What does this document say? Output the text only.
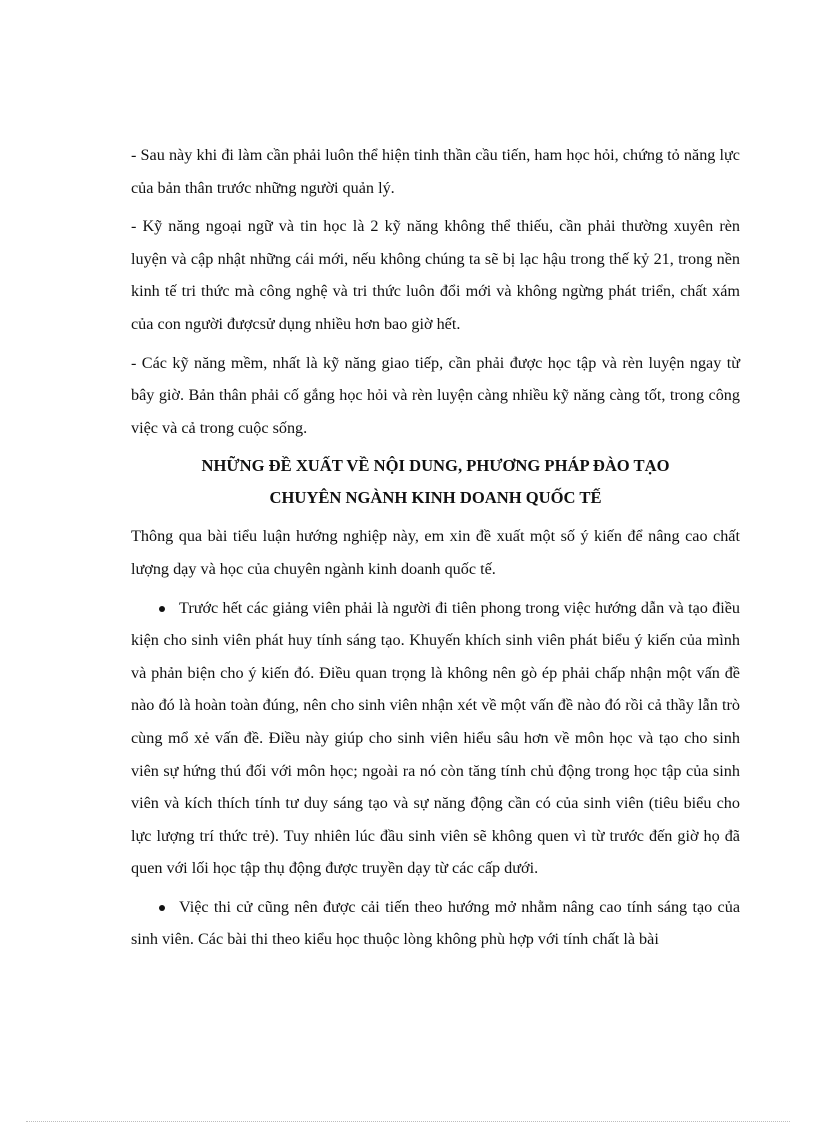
- Sau này khi đi làm cần phải luôn thể hiện tinh thần cầu tiến, ham học hỏi, chứng tỏ năng lực của bản thân trước những người quản lý.

- Kỹ năng ngoại ngữ và tin học là 2 kỹ năng không thể thiếu, cần phải thường xuyên rèn luyện và cập nhật những cái mới, nếu không chúng ta sẽ bị lạc hậu trong thế kỷ 21, trong nền kinh tế tri thức mà công nghệ và tri thức luôn đổi mới và không ngừng phát triển, chất xám của con người đượcsử dụng nhiều hơn bao giờ hết.

- Các kỹ năng mềm, nhất là kỹ năng giao tiếp, cần phải được học tập và rèn luyện ngay từ bây giờ. Bản thân phải cố gắng học hỏi và rèn luyện càng nhiều kỹ năng càng tốt, trong công việc và cả trong cuộc sống.

NHỮNG ĐỀ XUẤT VỀ NỘI DUNG, PHƯƠNG PHÁP ĐÀO TẠO
CHUYÊN NGÀNH KINH DOANH QUỐC TẾ

Thông qua bài tiểu luận hướng nghiệp này, em xin đề xuất một số ý kiến để nâng cao chất lượng dạy và học của chuyên ngành kinh doanh quốc tế.

Trước hết các giảng viên phải là người đi tiên phong trong việc hướng dẫn và tạo điều kiện cho sinh viên phát huy tính sáng tạo. Khuyến khích sinh viên phát biểu ý kiến của mình và phản biện cho ý kiến đó. Điều quan trọng là không nên gò ép phải chấp nhận một vấn đề nào đó là hoàn toàn đúng, nên cho sinh viên nhận xét về một vấn đề nào đó rồi cả thầy lẫn trò cùng mổ xẻ vấn đề. Điều này giúp cho sinh viên hiểu sâu hơn về môn học và tạo cho sinh viên sự hứng thú đối với môn học; ngoài ra nó còn tăng tính chủ động trong học tập của sinh viên và kích thích tính tư duy sáng tạo và sự năng động cần có của sinh viên (tiêu biểu cho lực lượng trí thức trẻ). Tuy nhiên lúc đầu sinh viên sẽ không quen vì từ trước đến giờ họ đã quen với lối học tập thụ động được truyền dạy từ các cấp dưới.
Việc thi cử cũng nên được cải tiến theo hướng mở nhằm nâng cao tính sáng tạo của sinh viên. Các bài thi theo kiểu học thuộc lòng không phù hợp với tính chất là bài
